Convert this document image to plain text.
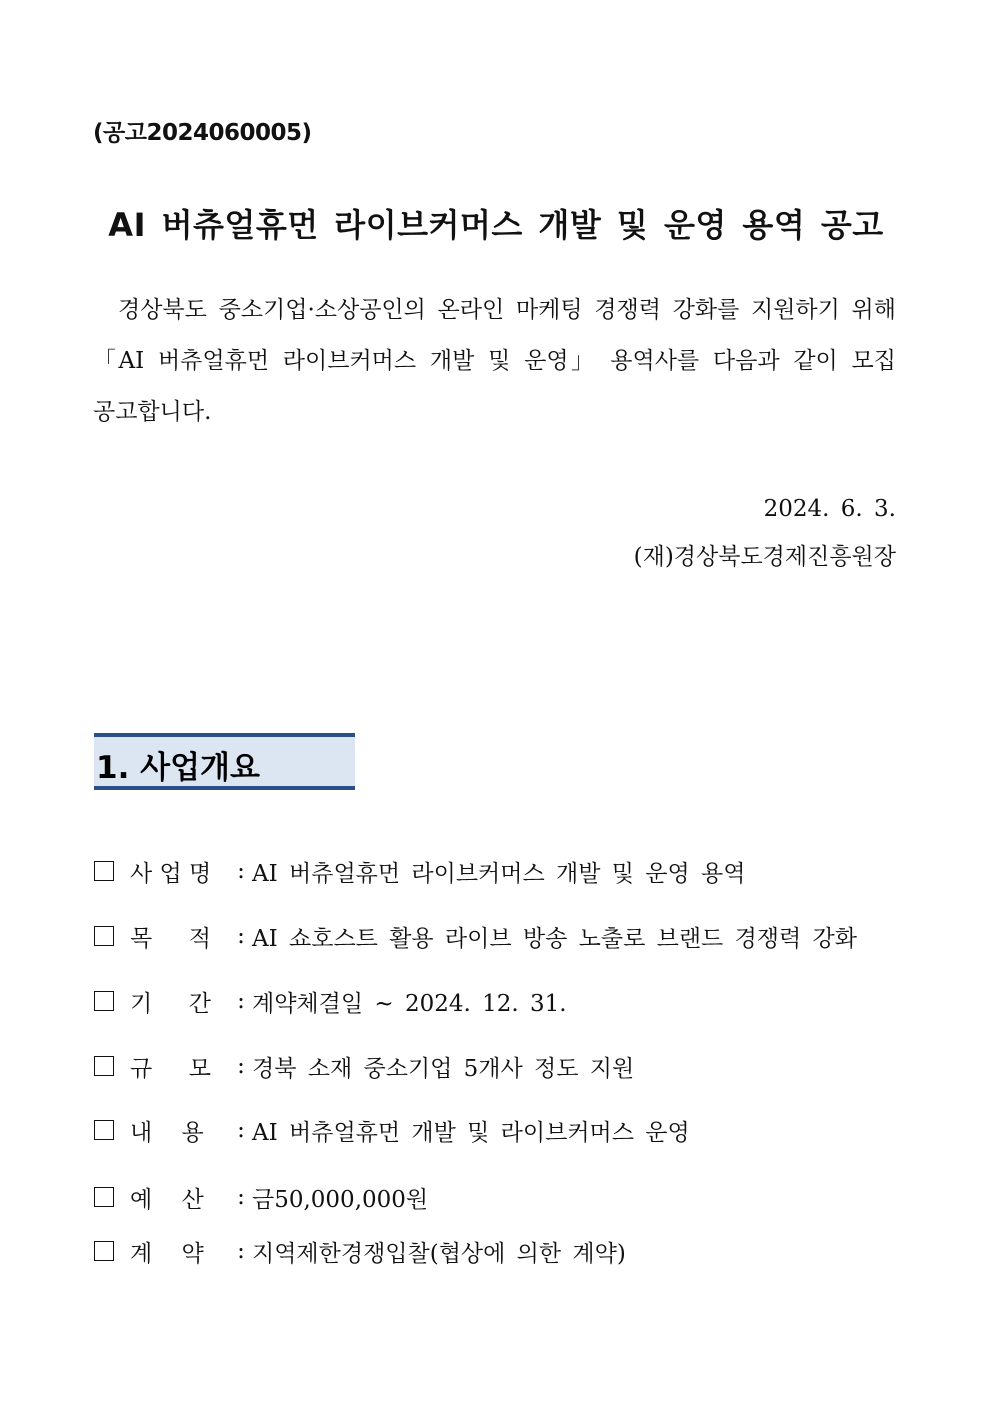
(공고2024060005)
AI 버츄얼휴먼 라이브커머스 개발 및 운영 용역 공고

경상북도 중소기업·소상공인의 온라인 마케팅 경쟁력 강화를 지원하기 위해 「AI 버츄얼휴먼 라이브커머스 개발 및 운영」 용역사를 다음과 같이 모집 공고합니다.

2024. 6. 3.
(재)경상북도경제진흥원장
1. 사업개요
사 업 명	: AI 버츄얼휴먼 라이브커머스 개발 및 운영 용역
목     적	: AI 쇼호스트 활용 라이브 방송 노출로 브랜드 경쟁력 강화
기     간	: 계약체결일 ~ 2024. 12. 31.
규     모	: 경북 소재 중소기업 5개사 정도 지원
내    용	: AI 버츄얼휴먼 개발 및 라이브커머스 운영
예    산	: 금50,000,000원
계    약	: 지역제한경쟁입찰(협상에 의한 계약)
